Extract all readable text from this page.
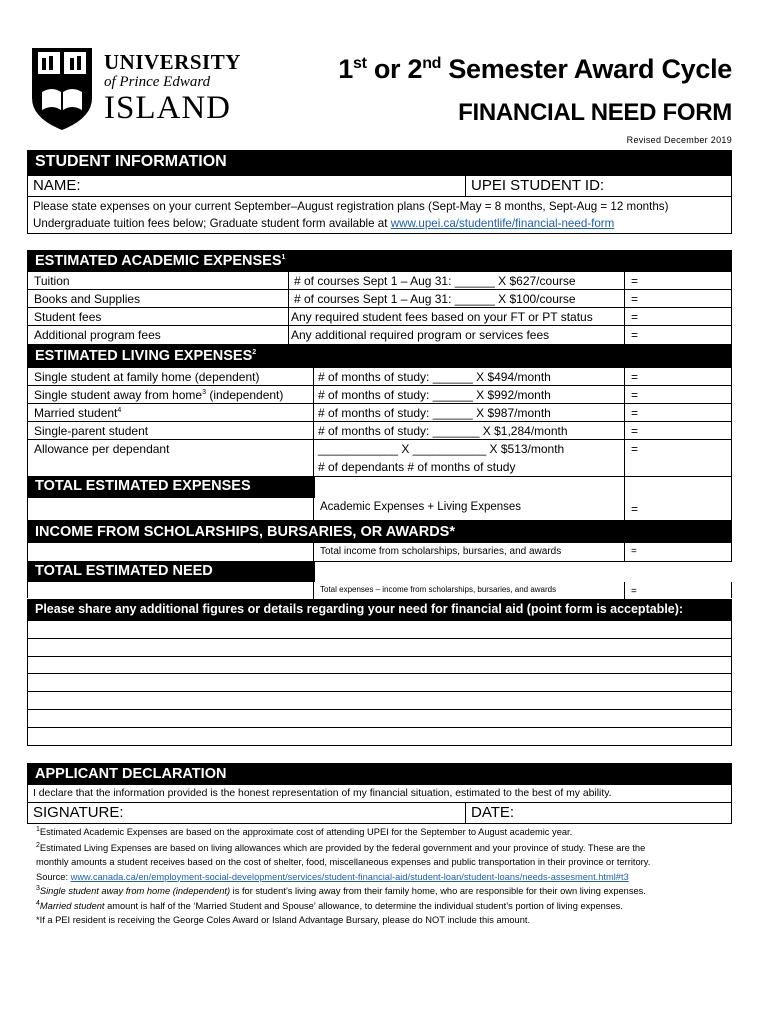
UNIVERSITY
of Prince Edward
ISLAND
1st or 2nd Semester Award Cycle
FINANCIAL NEED FORM
Revised December 2019
STUDENT INFORMATION
NAME:	UPEI STUDENT ID:
Please state expenses on your current September–August registration plans (Sept-May = 8 months, Sept-Aug = 12 months)
Undergraduate tuition fees below; Graduate student form available at www.upei.ca/studentlife/financial-need-form
ESTIMATED ACADEMIC EXPENSES$^1$
Tuition	# of courses Sept 1 – Aug 31: ______ X $627/course	=
Books and Supplies	# of courses Sept 1 – Aug 31: ______ X $100/course	=
Student fees	Any required student fees based on your FT or PT status	=
Additional program fees	Any additional required program or services fees	=
ESTIMATED LIVING EXPENSES$^2$
Single student at family home (dependent)	# of months of study: ______ X $494/month	=
Single student away from home$^3$ (independent)	# of months of study: ______ X $992/month	=
Married student$^4$	# of months of study: ______ X $987/month	=
Single-parent student	# of months of study: _______ X $1,284/month	=
Allowance per dependant	____________ X ___________ X $513/month	=
# of dependants # of months of study
TOTAL ESTIMATED EXPENSES
Academic Expenses + Living Expenses	=
INCOME FROM SCHOLARSHIPS, BURSARIES, OR AWARDS*
Total income from scholarships, bursaries, and awards	=
TOTAL ESTIMATED NEED
Total expenses – income from scholarships, bursaries, and awards	=
Please share any additional figures or details regarding your need for financial aid (point form is acceptable):
APPLICANT DECLARATION
I declare that the information provided is the honest representation of my financial situation, estimated to the best of my ability.
SIGNATURE:	DATE:
$^1$Estimated Academic Expenses are based on the approximate cost of attending UPEI for the September to August academic year.
$^2$Estimated Living Expenses are based on living allowances which are provided by the federal government and your province of study. These are the
monthly amounts a student receives based on the cost of shelter, food, miscellaneous expenses and public transportation in their province or territory.
Source: www.canada.ca/en/employment-social-development/services/student-financial-aid/student-loan/student-loans/needs-assesment.html#t3
$^3$Single student away from home (independent) is for student’s living away from their family home, who are responsible for their own living expenses.
$^4$Married student amount is half of the ‘Married Student and Spouse’ allowance, to determine the individual student’s portion of living expenses.
*If a PEI resident is receiving the George Coles Award or Island Advantage Bursary, please do NOT include this amount.
